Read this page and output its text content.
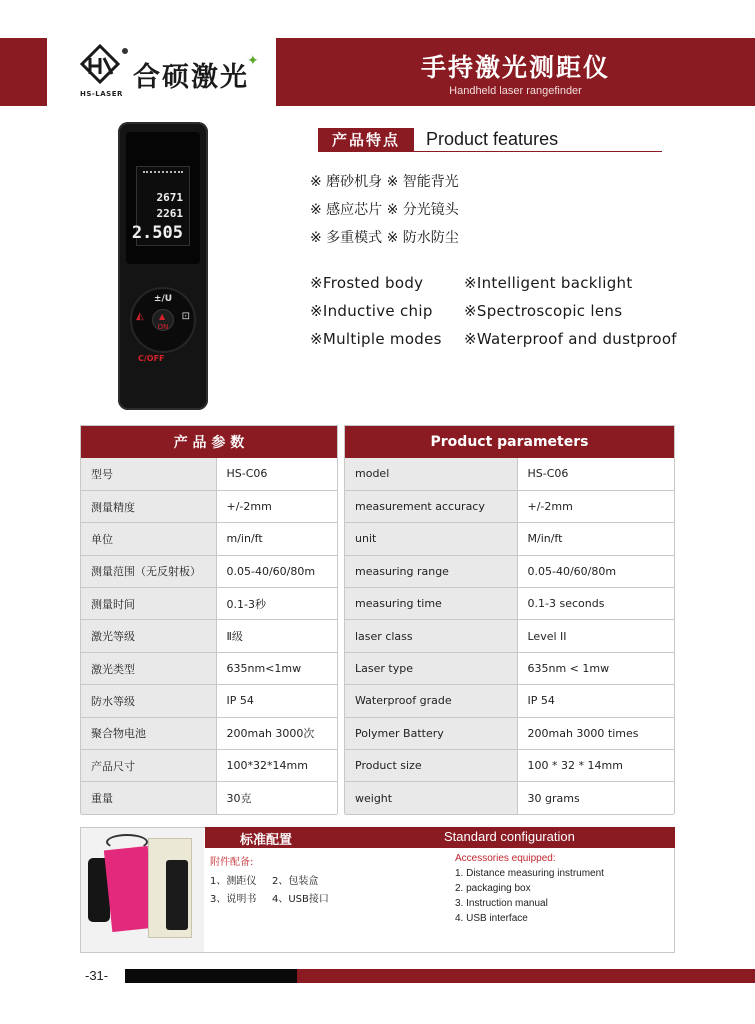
HS-LASER
合硕激光
✦	手持激光测距仪
Handheld laser rangefinder
2671
2261
2.505
±/U
◭
ON
▲ ⊡
C/OFF
产品特点	Product features
※ 磨砂机身 ※ 智能背光
※ 感应芯片 ※ 分光镜头
※ 多重模式 ※ 防水防尘
※Frosted body
※Inductive chip
※Multiple modes
※Intelligent backlight
※Spectroscopic lens
※Waterproof and dustproof
产 品 参 数	
型号	HS-C06
测量精度	+/-2mm
单位	m/in/ft
测量范围（无反射板）	0.05-40/60/80m
测量时间	0.1-3秒
激光等级	Ⅱ级
激光类型	635nm<1mw
防水等级	IP 54
聚合物电池	200mah 3000次
产品尺寸	100*32*14mm
重量	30克
Product parameters	
model	HS-C06
measurement accuracy	+/-2mm
unit	M/in/ft
measuring range	0.05-40/60/80m
measuring time	0.1-3 seconds
laser class	Level II
Laser type	635nm < 1mw
Waterproof grade	IP 54
Polymer Battery	200mah 3000 times
Product size	100 * 32 * 14mm
weight	30 grams
标准配置	Standard configuration
附件配备:	Accessories equipped:
1、测距仪 2、包装盒
3、说明书 4、USB接口
1. Distance measuring instrument
2. packaging box
3. Instruction manual
4. USB interface
-31-
